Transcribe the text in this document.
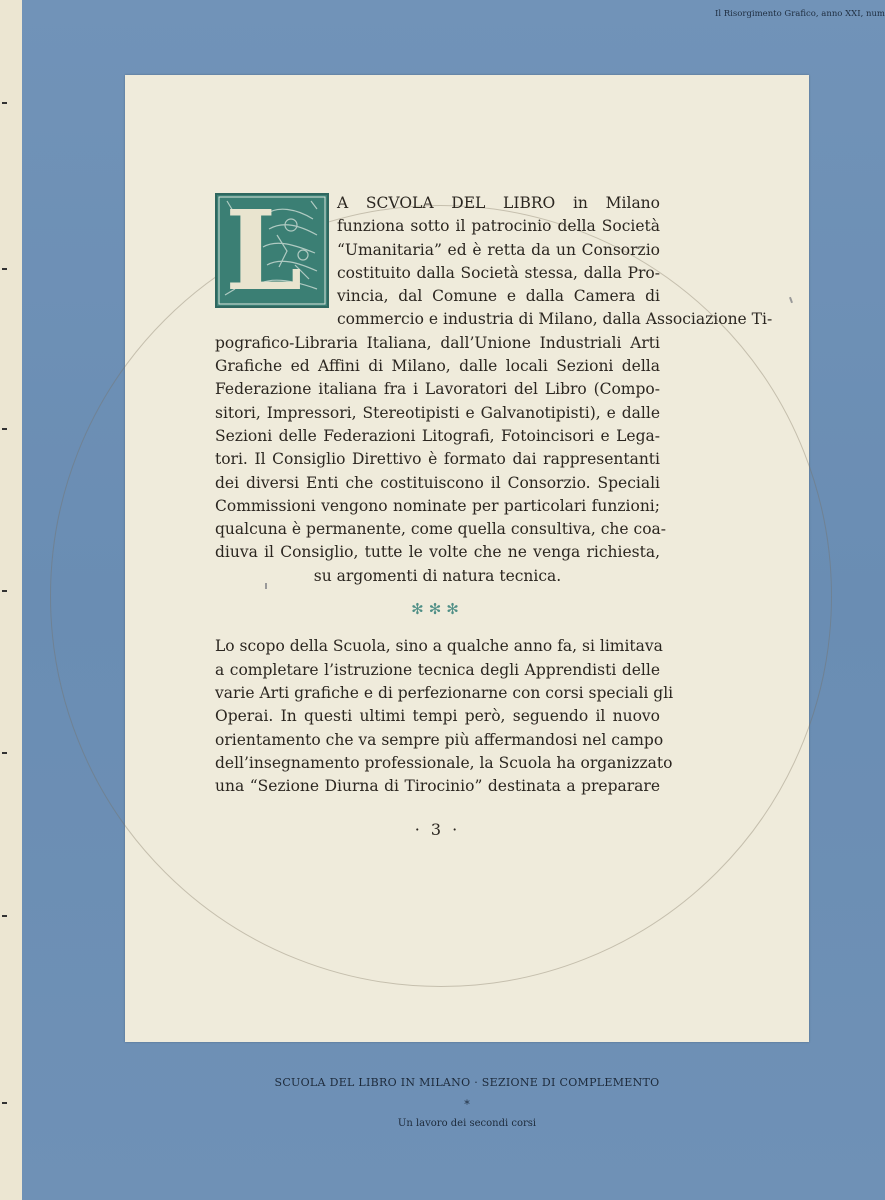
Il Risorgimento Grafico, anno XXI, num
L	A SCVOLA DEL LIBRO in Milano
funziona sotto il patrocinio della Società
“Umanitaria” ed è retta da un Consorzio
costituito dalla Società stessa, dalla Pro-
vincia, dal Comune e dalla Camera di
commercio e industria di Milano, dalla Associazione Ti-
pografico-Libraria Italiana, dall’Unione Industriali Arti
Grafiche ed Affini di Milano, dalle locali Sezioni della
Federazione italiana fra i Lavoratori del Libro (Compo-
sitori, Impressori, Stereotipisti e Galvanotipisti), e dalle
Sezioni delle Federazioni Litografi, Fotoincisori e Lega-
tori. Il Consiglio Direttivo è formato dai rappresentanti
dei diversi Enti che costituiscono il Consorzio. Speciali
Commissioni vengono nominate per particolari funzioni;
qualcuna è permanente, come quella consultiva, che coa-
diuva il Consiglio, tutte le volte che ne venga richiesta,
su argomenti di natura tecnica.
✻✻✻
Lo scopo della Scuola, sino a qualche anno fa, si limitava
a completare l’istruzione tecnica degli Apprendisti delle
varie Arti grafiche e di perfezionarne con corsi speciali gli
Operai. In questi ultimi tempi però, seguendo il nuovo
orientamento che va sempre più affermandosi nel campo
dell’insegnamento professionale, la Scuola ha organizzato
una “Sezione Diurna di Tirocinio” destinata a preparare
· 3 ·
SCUOLA DEL LIBRO IN MILANO · SEZIONE DI COMPLEMENTO
*
Un lavoro dei secondi corsi
